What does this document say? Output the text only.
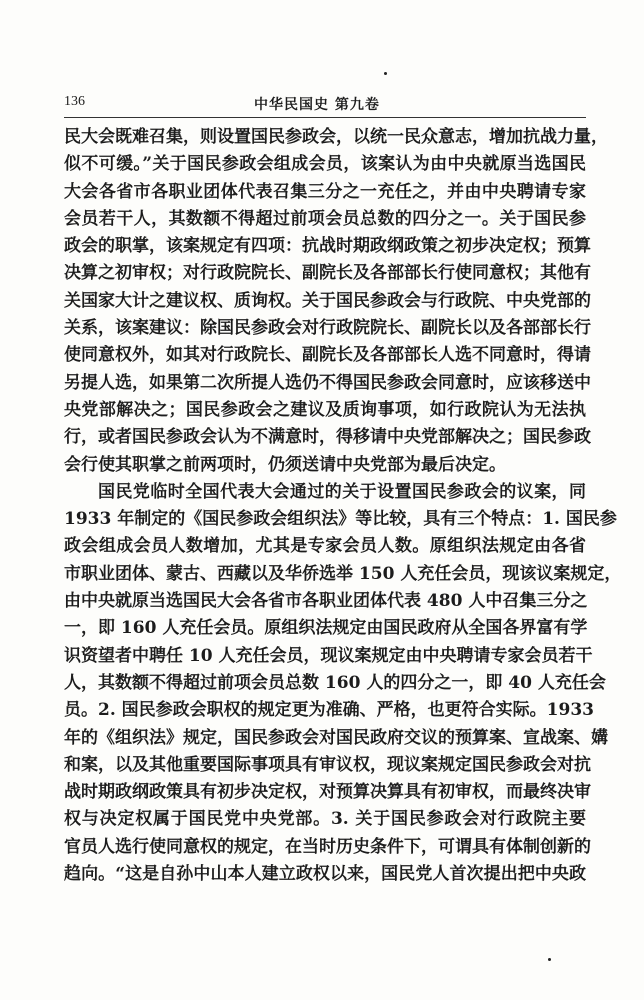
136	中华民国史 第九卷
民大会既难召集，则设置国民参政会，以统一民众意志，增加抗战力量，
似不可缓。”关于国民参政会组成会员，该案认为由中央就原当选国民
大会各省市各职业团体代表召集三分之一充任之，并由中央聘请专家
会员若干人，其数额不得超过前项会员总数的四分之一。关于国民参
政会的职掌，该案规定有四项：抗战时期政纲政策之初步决定权；预算
决算之初审权；对行政院院长、副院长及各部部长行使同意权；其他有
关国家大计之建议权、质询权。关于国民参政会与行政院、中央党部的
关系，该案建议：除国民参政会对行政院院长、副院长以及各部部长行
使同意权外，如其对行政院长、副院长及各部部长人选不同意时，得请
另提人选，如果第二次所提人选仍不得国民参政会同意时，应该移送中
央党部解决之；国民参政会之建议及质询事项，如行政院认为无法执
行，或者国民参政会认为不满意时，得移请中央党部解决之；国民参政
会行使其职掌之前两项时，仍须送请中央党部为最后决定。
国民党临时全国代表大会通过的关于设置国民参政会的议案，同
1933 年制定的《国民参政会组织法》等比较，具有三个特点：1. 国民参
政会组成会员人数增加，尤其是专家会员人数。原组织法规定由各省
市职业团体、蒙古、西藏以及华侨选举 150 人充任会员，现该议案规定，
由中央就原当选国民大会各省市各职业团体代表 480 人中召集三分之
一，即 160 人充任会员。原组织法规定由国民政府从全国各界富有学
识资望者中聘任 10 人充任会员，现议案规定由中央聘请专家会员若干
人，其数额不得超过前项会员总数 160 人的四分之一，即 40 人充任会
员。2. 国民参政会职权的规定更为准确、严格，也更符合实际。1933
年的《组织法》规定，国民参政会对国民政府交议的预算案、宣战案、媾
和案，以及其他重要国际事项具有审议权，现议案规定国民参政会对抗
战时期政纲政策具有初步决定权，对预算决算具有初审权，而最终决审
权与决定权属于国民党中央党部。3. 关于国民参政会对行政院主要
官员人选行使同意权的规定，在当时历史条件下，可谓具有体制创新的
趋向。“这是自孙中山本人建立政权以来，国民党人首次提出把中央政
